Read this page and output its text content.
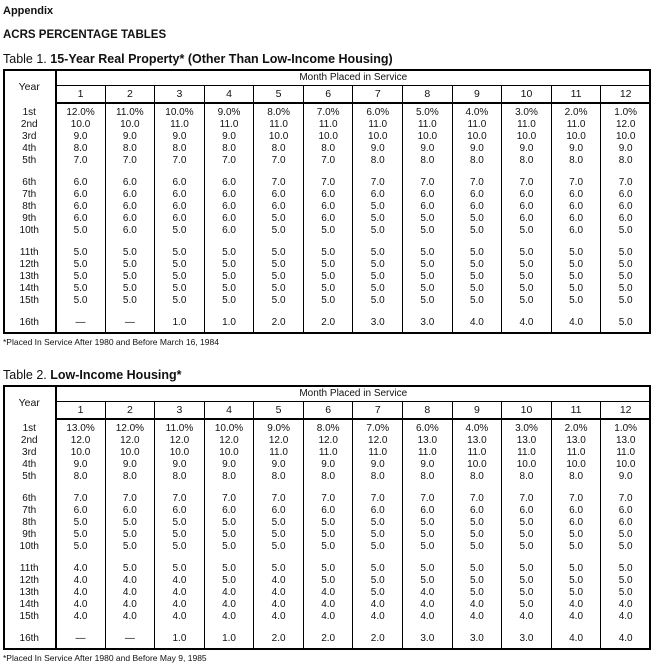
Appendix
ACRS PERCENTAGE TABLES
Table 1. 15-Year Real Property* (Other Than Low-Income Housing)
Year	Month Placed in Service											
	1	2	3	4	5	6	7	8	9	10	11	12
1st	12.0%	11.0%	10.0%	9.0%	8.0%	7.0%	6.0%	5.0%	4.0%	3.0%	2.0%	1.0%
2nd	10.0	10.0	11.0	11.0	11.0	11.0	11.0	11.0	11.0	11.0	11.0	12.0
3rd	9.0	9.0	9.0	9.0	10.0	10.0	10.0	10.0	10.0	10.0	10.0	10.0
4th	8.0	8.0	8.0	8.0	8.0	8.0	9.0	9.0	9.0	9.0	9.0	9.0
5th	7.0	7.0	7.0	7.0	7.0	7.0	8.0	8.0	8.0	8.0	8.0	8.0

6th	6.0	6.0	6.0	6.0	7.0	7.0	7.0	7.0	7.0	7.0	7.0	7.0
7th	6.0	6.0	6.0	6.0	6.0	6.0	6.0	6.0	6.0	6.0	6.0	6.0
8th	6.0	6.0	6.0	6.0	6.0	6.0	5.0	6.0	6.0	6.0	6.0	6.0
9th	6.0	6.0	6.0	6.0	5.0	6.0	5.0	5.0	5.0	6.0	6.0	6.0
10th	5.0	6.0	5.0	6.0	5.0	5.0	5.0	5.0	5.0	5.0	6.0	5.0

11th	5.0	5.0	5.0	5.0	5.0	5.0	5.0	5.0	5.0	5.0	5.0	5.0
12th	5.0	5.0	5.0	5.0	5.0	5.0	5.0	5.0	5.0	5.0	5.0	5.0
13th	5.0	5.0	5.0	5.0	5.0	5.0	5.0	5.0	5.0	5.0	5.0	5.0
14th	5.0	5.0	5.0	5.0	5.0	5.0	5.0	5.0	5.0	5.0	5.0	5.0
15th	5.0	5.0	5.0	5.0	5.0	5.0	5.0	5.0	5.0	5.0	5.0	5.0

16th	—	—	1.0	1.0	2.0	2.0	3.0	3.0	4.0	4.0	4.0	5.0

*Placed In Service After 1980 and Before March 16, 1984
Table 2. Low-Income Housing*
Year	Month Placed in Service											
	1	2	3	4	5	6	7	8	9	10	11	12
1st	13.0%	12.0%	11.0%	10.0%	9.0%	8.0%	7.0%	6.0%	4.0%	3.0%	2.0%	1.0%
2nd	12.0	12.0	12.0	12.0	12.0	12.0	12.0	13.0	13.0	13.0	13.0	13.0
3rd	10.0	10.0	10.0	10.0	11.0	11.0	11.0	11.0	11.0	11.0	11.0	11.0
4th	9.0	9.0	9.0	9.0	9.0	9.0	9.0	9.0	10.0	10.0	10.0	10.0
5th	8.0	8.0	8.0	8.0	8.0	8.0	8.0	8.0	8.0	8.0	8.0	9.0

6th	7.0	7.0	7.0	7.0	7.0	7.0	7.0	7.0	7.0	7.0	7.0	7.0
7th	6.0	6.0	6.0	6.0	6.0	6.0	6.0	6.0	6.0	6.0	6.0	6.0
8th	5.0	5.0	5.0	5.0	5.0	5.0	5.0	5.0	5.0	5.0	6.0	6.0
9th	5.0	5.0	5.0	5.0	5.0	5.0	5.0	5.0	5.0	5.0	5.0	5.0
10th	5.0	5.0	5.0	5.0	5.0	5.0	5.0	5.0	5.0	5.0	5.0	5.0

11th	4.0	5.0	5.0	5.0	5.0	5.0	5.0	5.0	5.0	5.0	5.0	5.0
12th	4.0	4.0	4.0	5.0	4.0	5.0	5.0	5.0	5.0	5.0	5.0	5.0
13th	4.0	4.0	4.0	4.0	4.0	4.0	5.0	4.0	5.0	5.0	5.0	5.0
14th	4.0	4.0	4.0	4.0	4.0	4.0	4.0	4.0	4.0	5.0	4.0	4.0
15th	4.0	4.0	4.0	4.0	4.0	4.0	4.0	4.0	4.0	4.0	4.0	4.0

16th	—	—	1.0	1.0	2.0	2.0	2.0	3.0	3.0	3.0	4.0	4.0

*Placed In Service After 1980 and Before May 9, 1985
